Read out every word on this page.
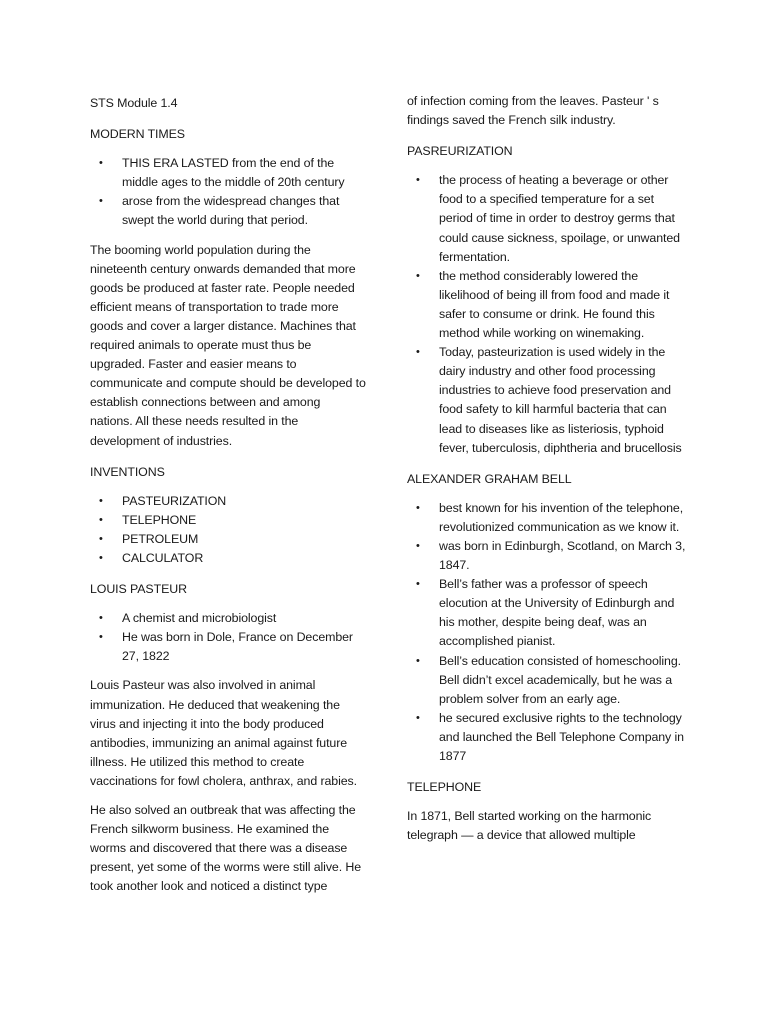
STS Module 1.4

MODERN TIMES

• THIS ERA LASTED from the end of the middle ages to the middle of 20th century
• arose from the widespread changes that swept the world during that period.

The booming world population during the nineteenth century onwards demanded that more goods be produced at faster rate. People needed efficient means of transportation to trade more goods and cover a larger distance. Machines that required animals to operate must thus be upgraded. Faster and easier means to communicate and compute should be developed to establish connections between and among nations. All these needs resulted in the development of industries.

INVENTIONS

• PASTEURIZATION
• TELEPHONE
• PETROLEUM
• CALCULATOR

LOUIS PASTEUR

• A chemist and microbiologist
• He was born in Dole, France on December 27, 1822

Louis Pasteur was also involved in animal immunization. He deduced that weakening the virus and injecting it into the body produced antibodies, immunizing an animal against future illness. He utilized this method to create vaccinations for fowl cholera, anthrax, and rabies.

He also solved an outbreak that was affecting the French silkworm business. He examined the worms and discovered that there was a disease present, yet some of the worms were still alive. He took another look and noticed a distinct type

of infection coming from the leaves. Pasteur ' s findings saved the French silk industry.

PASREURIZATION

• the process of heating a beverage or other food to a specified temperature for a set period of time in order to destroy germs that could cause sickness, spoilage, or unwanted fermentation.
• the method considerably lowered the likelihood of being ill from food and made it safer to consume or drink. He found this method while working on winemaking.
• Today, pasteurization is used widely in the dairy industry and other food processing industries to achieve food preservation and food safety to kill harmful bacteria that can lead to diseases like as listeriosis, typhoid fever, tuberculosis, diphtheria and brucellosis

ALEXANDER GRAHAM BELL

• best known for his invention of the telephone, revolutionized communication as we know it.
• was born in Edinburgh, Scotland, on March 3, 1847.
• Bell’s father was a professor of speech elocution at the University of Edinburgh and his mother, despite being deaf, was an accomplished pianist.
• Bell’s education consisted of homeschooling. Bell didn’t excel academically, but he was a problem solver from an early age.
• he secured exclusive rights to the technology and launched the Bell Telephone Company in 1877

TELEPHONE

In 1871, Bell started working on the harmonic telegraph — a device that allowed multiple
